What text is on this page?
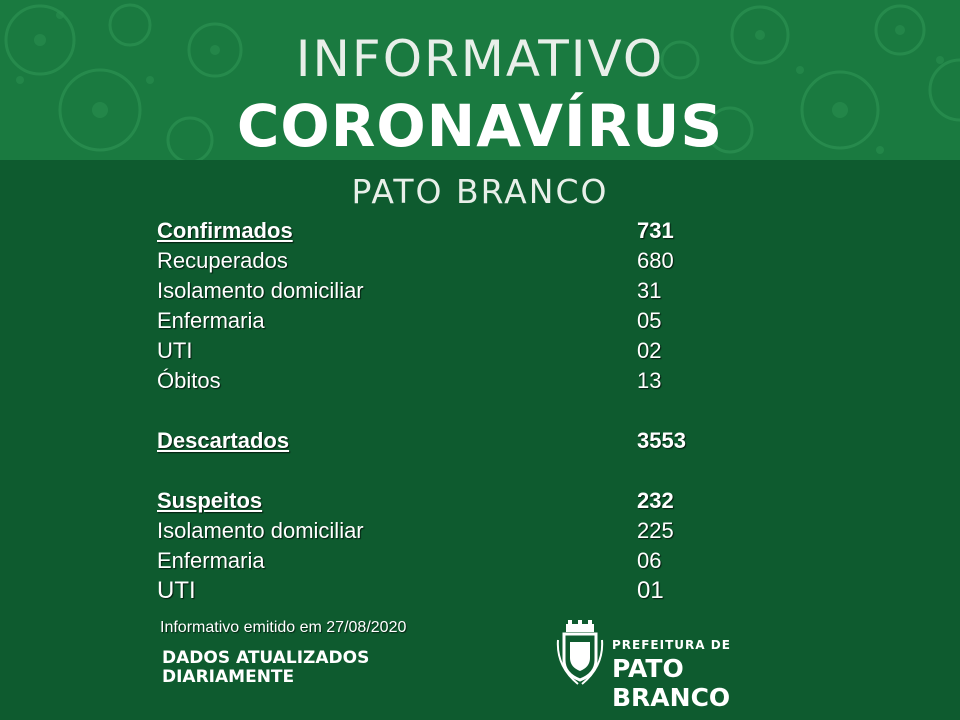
INFORMATIVO
CORONAVÍRUS
PATO BRANCO
Confirmados	731
Recuperados	680
Isolamento domiciliar	31
Enfermaria	05
UTI	02
Óbitos	13
Descartados	3553
Suspeitos	232
Isolamento domiciliar	225
Enfermaria	06
UTI	01
Informativo emitido em 27/08/2020
DADOS ATUALIZADOS
DIARIAMENTE
PREFEITURA DE
PATO BRANCO
